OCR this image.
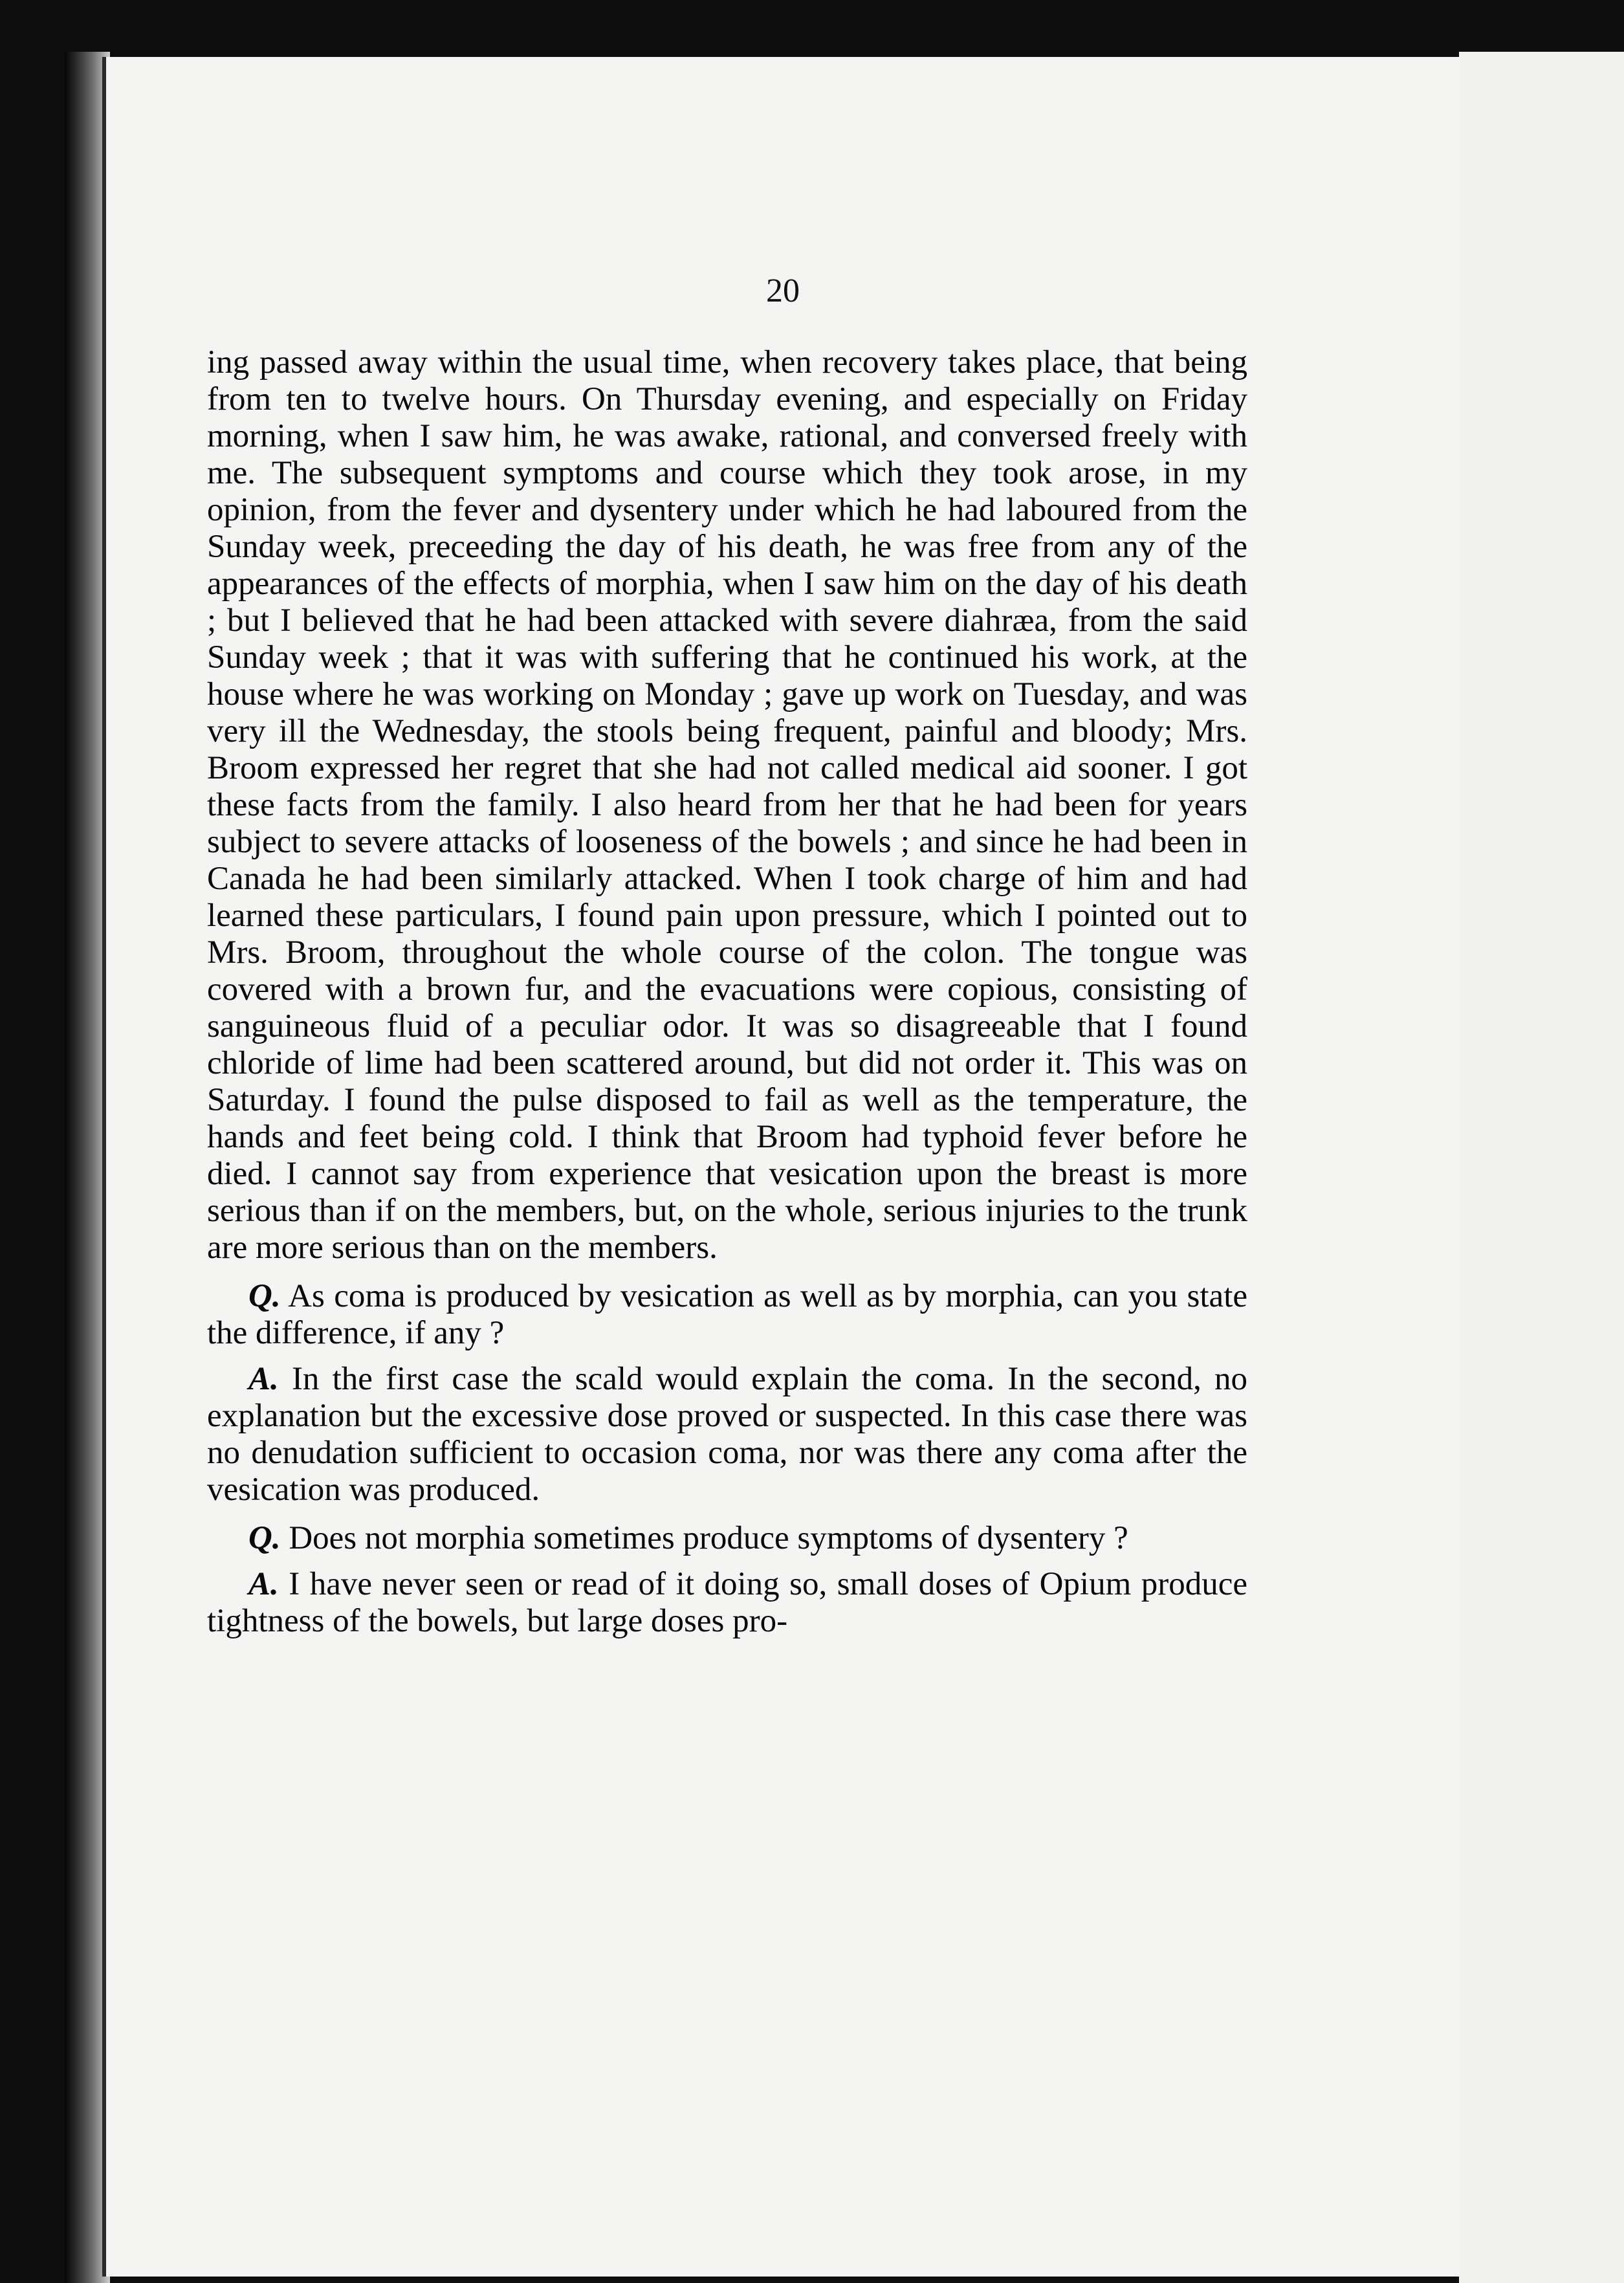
20

ing passed away within the usual time, when recovery takes place, that being from ten to twelve hours. On Thursday evening, and especially on Friday morning, when I saw him, he was awake, rational, and conversed freely with me. The subsequent symptoms and course which they took arose, in my opinion, from the fever and dysentery under which he had laboured from the Sunday week, preceeding the day of his death, he was free from any of the appearances of the effects of morphia, when I saw him on the day of his death ; but I believed that he had been attacked with severe diahræa, from the said Sunday week ; that it was with suffering that he continued his work, at the house where he was working on Monday ; gave up work on Tuesday, and was very ill the Wednesday, the stools being frequent, painful and bloody; Mrs. Broom expressed her regret that she had not called medical aid sooner. I got these facts from the family. I also heard from her that he had been for years subject to severe attacks of looseness of the bowels ; and since he had been in Canada he had been similarly attacked. When I took charge of him and had learned these particulars, I found pain upon pressure, which I pointed out to Mrs. Broom, throughout the whole course of the colon. The tongue was covered with a brown fur, and the evacuations were copious, consisting of sanguineous fluid of a peculiar odor. It was so disagreeable that I found chloride of lime had been scattered around, but did not order it. This was on Saturday. I found the pulse disposed to fail as well as the temperature, the hands and feet being cold. I think that Broom had typhoid fever before he died. I cannot say from experience that vesication upon the breast is more serious than if on the members, but, on the whole, serious injuries to the trunk are more serious than on the members.

Q. As coma is produced by vesication as well as by morphia, can you state the difference, if any ?

A. In the first case the scald would explain the coma. In the second, no explanation but the excessive dose proved or suspected. In this case there was no denudation sufficient to occasion coma, nor was there any coma after the vesication was produced.

Q. Does not morphia sometimes produce symptoms of dysentery ?

A. I have never seen or read of it doing so, small doses of Opium produce tightness of the bowels, but large doses pro-
